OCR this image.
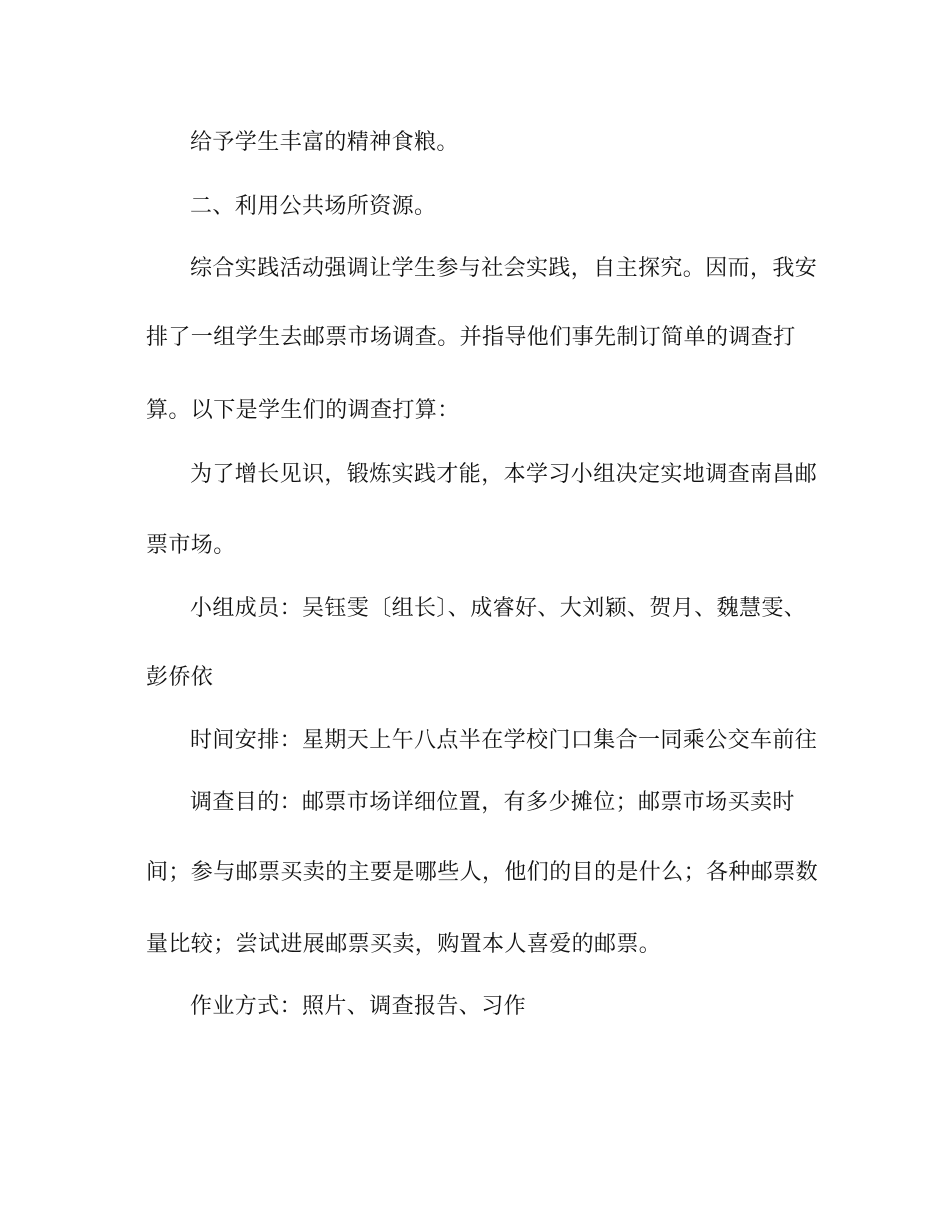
给予学生丰富的精神食粮。
二、利用公共场所资源。
综合实践活动强调让学生参与社会实践，自主探究。因而，我安
排了一组学生去邮票市场调查。并指导他们事先制订简单的调查打
算。以下是学生们的调查打算：
为了增长见识，锻炼实践才能，本学习小组决定实地调查南昌邮
票市场。
小组成员：吴钰雯〔组长〕、成睿好、大刘颖、贺月、魏慧雯、
彭侨依
时间安排：星期天上午八点半在学校门口集合一同乘公交车前往
调查目的：邮票市场详细位置，有多少摊位；邮票市场买卖时
间；参与邮票买卖的主要是哪些人，他们的目的是什么；各种邮票数
量比较；尝试进展邮票买卖，购置本人喜爱的邮票。
作业方式：照片、调查报告、习作
